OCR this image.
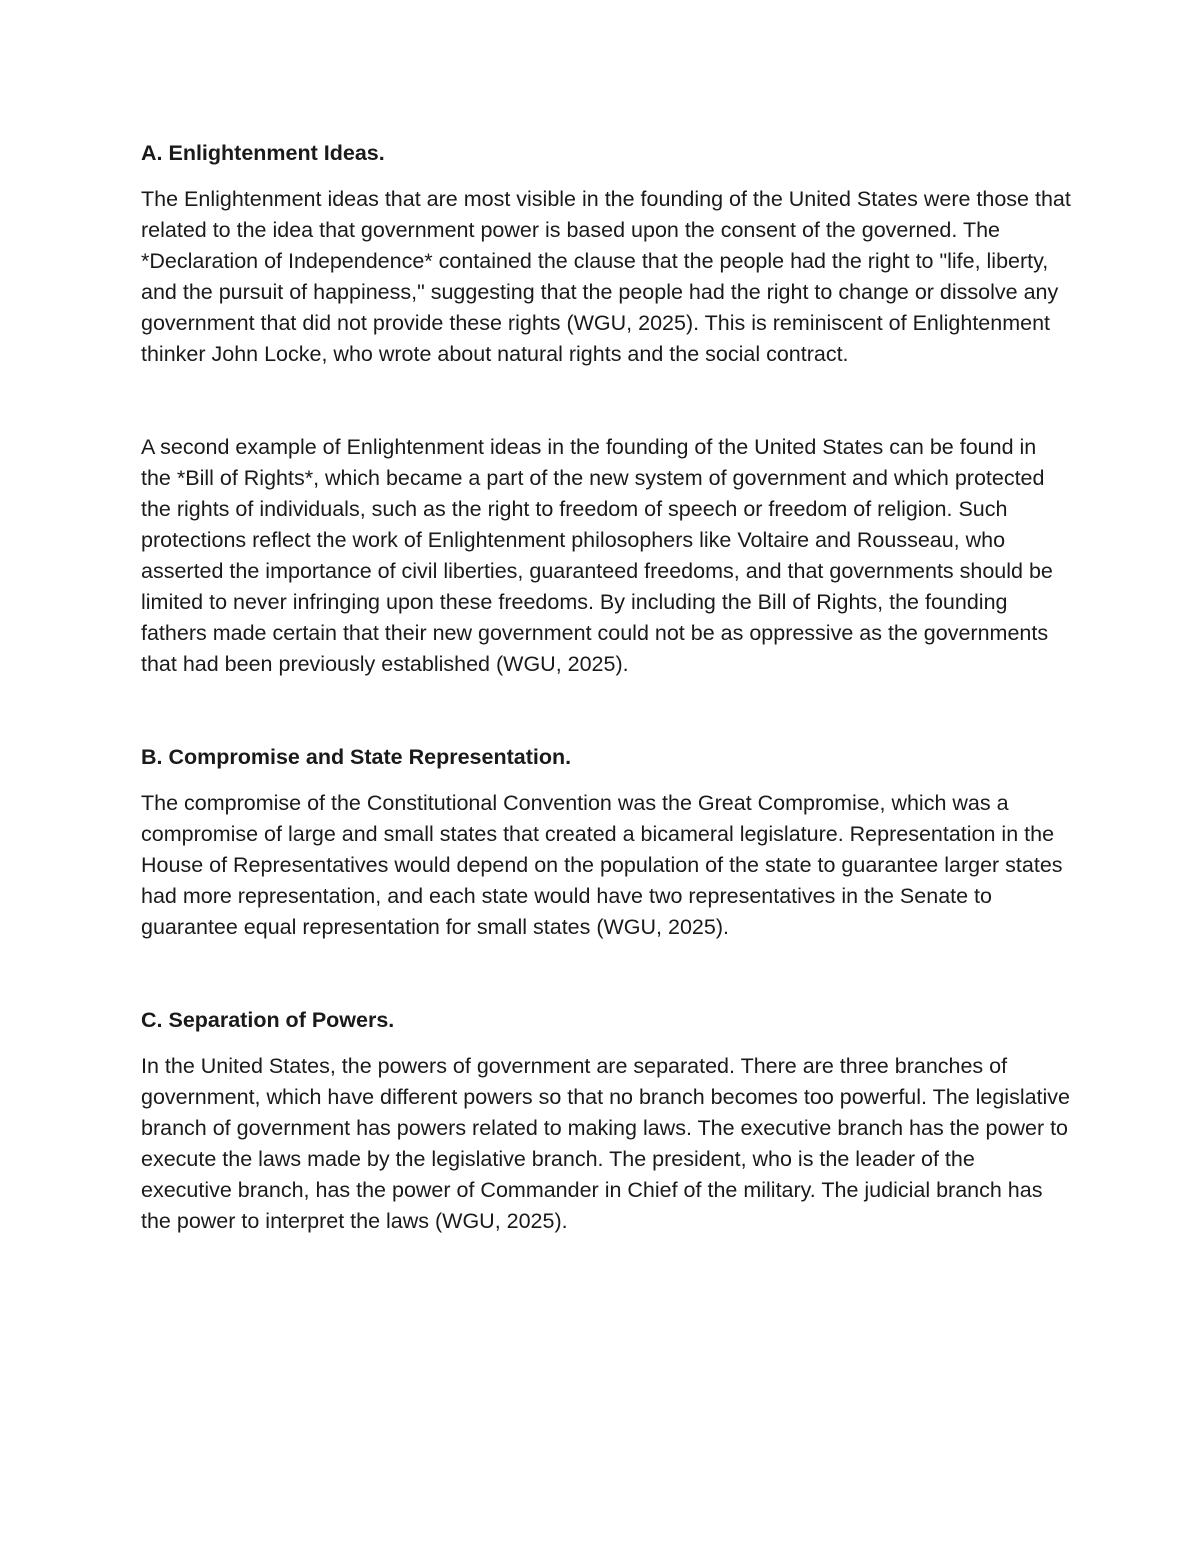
A. Enlightenment Ideas.

The Enlightenment ideas that are most visible in the founding of the United States were those that related to the idea that government power is based upon the consent of the governed. The *Declaration of Independence* contained the clause that the people had the right to "life, liberty, and the pursuit of happiness," suggesting that the people had the right to change or dissolve any government that did not provide these rights (WGU, 2025). This is reminiscent of Enlightenment thinker John Locke, who wrote about natural rights and the social contract.

A second example of Enlightenment ideas in the founding of the United States can be found in the *Bill of Rights*, which became a part of the new system of government and which protected the rights of individuals, such as the right to freedom of speech or freedom of religion. Such protections reflect the work of Enlightenment philosophers like Voltaire and Rousseau, who asserted the importance of civil liberties, guaranteed freedoms, and that governments should be limited to never infringing upon these freedoms. By including the Bill of Rights, the founding fathers made certain that their new government could not be as oppressive as the governments that had been previously established (WGU, 2025).

B. Compromise and State Representation.

The compromise of the Constitutional Convention was the Great Compromise, which was a compromise of large and small states that created a bicameral legislature. Representation in the House of Representatives would depend on the population of the state to guarantee larger states had more representation, and each state would have two representatives in the Senate to guarantee equal representation for small states (WGU, 2025).

C. Separation of Powers.

In the United States, the powers of government are separated. There are three branches of government, which have different powers so that no branch becomes too powerful. The legislative branch of government has powers related to making laws. The executive branch has the power to execute the laws made by the legislative branch. The president, who is the leader of the executive branch, has the power of Commander in Chief of the military. The judicial branch has the power to interpret the laws (WGU, 2025).
